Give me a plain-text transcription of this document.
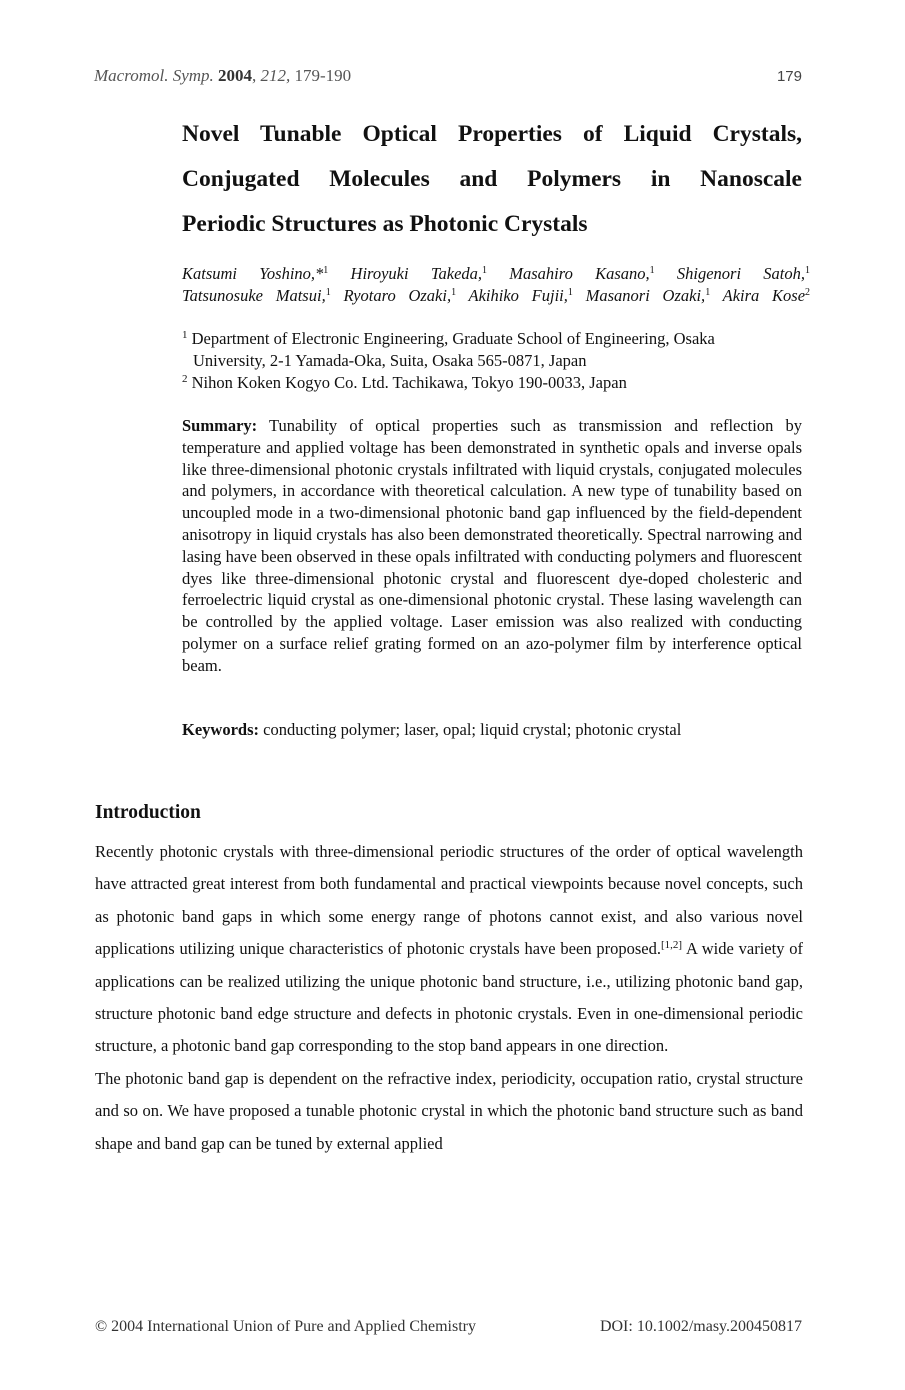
Macromol. Symp. 2004, 212, 179-190	179
Novel Tunable Optical Properties of Liquid Crystals,
Conjugated Molecules and Polymers in Nanoscale
Periodic Structures as Photonic Crystals
Katsumi Yoshino,*$^1$ Hiroyuki Takeda,$^1$ Masahiro Kasano,$^1$ Shigenori Satoh,$^1$
Tatsunosuke Matsui,$^1$ Ryotaro Ozaki,$^1$ Akihiko Fujii,$^1$ Masanori Ozaki,$^1$ Akira Kose$^2$
$^1$ Department of Electronic Engineering, Graduate School of Engineering, Osaka
University, 2-1 Yamada-Oka, Suita, Osaka 565-0871, Japan
$^2$ Nihon Koken Kogyo Co. Ltd. Tachikawa, Tokyo 190-0033, Japan
Summary: Tunability of optical properties such as transmission and reflection by temperature and applied voltage has been demonstrated in synthetic opals and inverse opals like three-dimensional photonic crystals infiltrated with liquid crystals, conjugated molecules and polymers, in accordance with theoretical calculation. A new type of tunability based on uncoupled mode in a two-dimensional photonic band gap influenced by the field-dependent anisotropy in liquid crystals has also been demonstrated theoretically. Spectral narrowing and lasing have been observed in these opals infiltrated with conducting polymers and fluorescent dyes like three-dimensional photonic crystal and fluorescent dye-doped cholesteric and ferroelectric liquid crystal as one-dimensional photonic crystal. These lasing wavelength can be controlled by the applied voltage. Laser emission was also realized with conducting polymer on a surface relief grating formed on an azo-polymer film by interference optical beam.
Keywords: conducting polymer; laser, opal; liquid crystal; photonic crystal
Introduction

Recently photonic crystals with three-dimensional periodic structures of the order of optical wavelength have attracted great interest from both fundamental and practical viewpoints because novel concepts, such as photonic band gaps in which some energy range of photons cannot exist, and also various novel applications utilizing unique characteristics of photonic crystals have been proposed.[1,2] A wide variety of applications can be realized utilizing the unique photonic band structure, i.e., utilizing photonic band gap, structure photonic band edge structure and defects in photonic crystals. Even in one-dimensional periodic structure, a photonic band gap corresponding to the stop band appears in one direction.

The photonic band gap is dependent on the refractive index, periodicity, occupation ratio, crystal structure and so on. We have proposed a tunable photonic crystal in which the photonic band structure such as band shape and band gap can be tuned by external applied

© 2004 International Union of Pure and Applied Chemistry	DOI: 10.1002/masy.200450817
